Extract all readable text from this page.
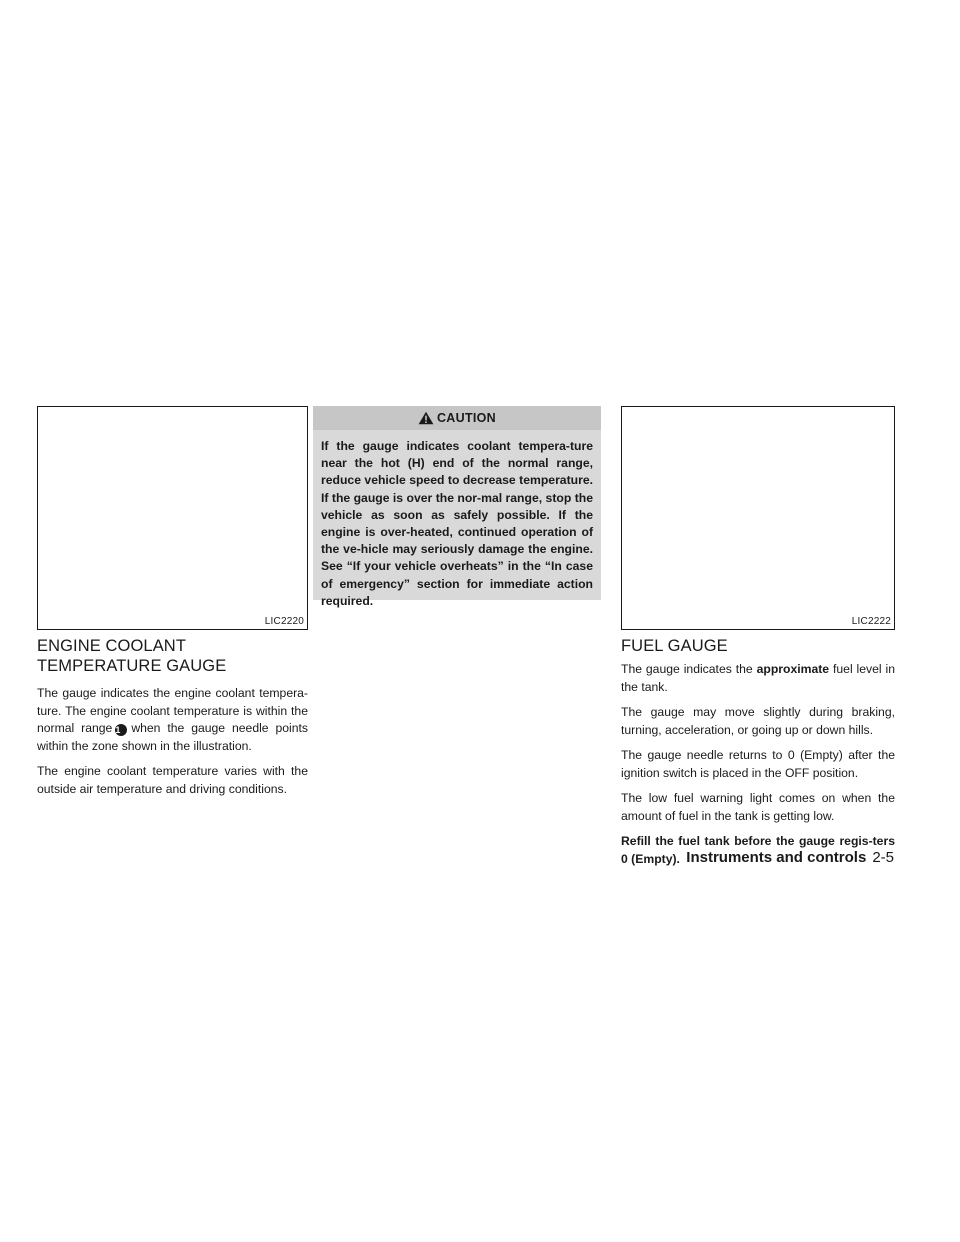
LIC2220	LIC2222
ENGINE COOLANT TEMPERATURE GAUGE

The gauge indicates the engine coolant tempera-ture. The engine coolant temperature is within the normal range 1 when the gauge needle points within the zone shown in the illustration.

The engine coolant temperature varies with the outside air temperature and driving conditions.

CAUTION

If the gauge indicates coolant tempera-ture near the hot (H) end of the normal range, reduce vehicle speed to decrease temperature. If the gauge is over the nor-mal range, stop the vehicle as soon as safely possible. If the engine is over-heated, continued operation of the ve-hicle may seriously damage the engine. See “If your vehicle overheats” in the “In case of emergency” section for immediate action required.

FUEL GAUGE

The gauge indicates the approximate fuel level in the tank.

The gauge may move slightly during braking, turning, acceleration, or going up or down hills.

The gauge needle returns to 0 (Empty) after the ignition switch is placed in the OFF position.

The low fuel warning light comes on when the amount of fuel in the tank is getting low.

Refill the fuel tank before the gauge regis-ters 0 (Empty). Instruments and controls 2-5
